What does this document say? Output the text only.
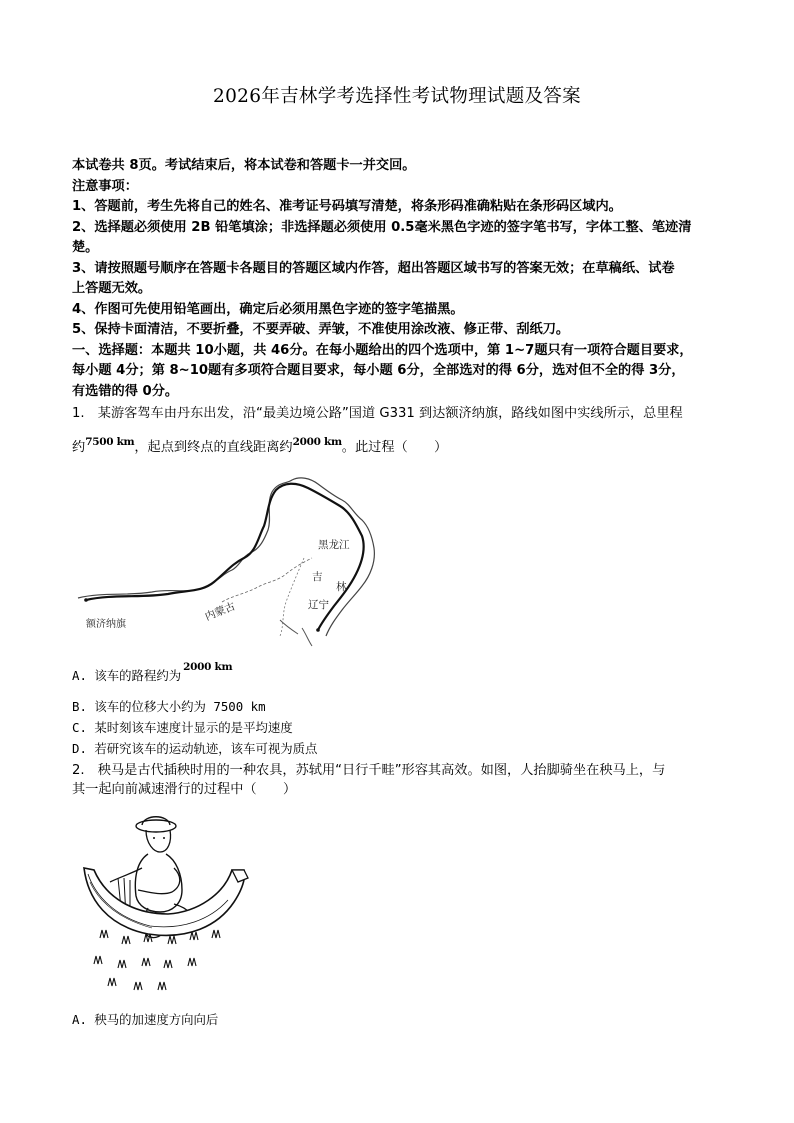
2026年吉林学考选择性考试物理试题及答案
本试卷共 8页。考试结束后，将本试卷和答题卡一并交回。
注意事项：
1、答题前，考生先将自己的姓名、准考证号码填写清楚，将条形码准确粘贴在条形码区域内。
2、选择题必须使用 2B 铅笔填涂；非选择题必须使用 0.5毫米黑色字迹的签字笔书写，字体工整、笔迹清
楚。
3、请按照题号顺序在答题卡各题目的答题区域内作答，超出答题区域书写的答案无效；在草稿纸、试卷
上答题无效。
4、作图可先使用铅笔画出，确定后必须用黑色字迹的签字笔描黑。
5、保持卡面清洁，不要折叠，不要弄破、弄皱，不准使用涂改液、修正带、刮纸刀。
一、选择题：本题共 10小题，共 46分。在每小题给出的四个选项中，第 1~7题只有一项符合题目要求，
每小题 4分；第 8~10题有多项符合题目要求，每小题 6分，全部选对的得 6分，选对但不全的得 3分，
有选错的得 0分。
1.　某游客驾车由丹东出发，沿“最美边境公路”国道 G331 到达额济纳旗，路线如图中实线所示，总里程
约$^{7500 km}$，起点到终点的直线距离约$^{2000 km}$。此过程（　　）
黑龙江
吉
林
辽宁
内蒙古
额济纳旗
A. 该车的路程约为$^{2000 km}$
B. 该车的位移大小约为 7500 km
C. 某时刻该车速度计显示的是平均速度
D. 若研究该车的运动轨迹，该车可视为质点
2.　秧马是古代插秧时用的一种农具，苏轼用“日行千畦”形容其高效。如图，人抬脚骑坐在秧马上，与
其一起向前减速滑行的过程中（　　）
A. 秧马的加速度方向向后
